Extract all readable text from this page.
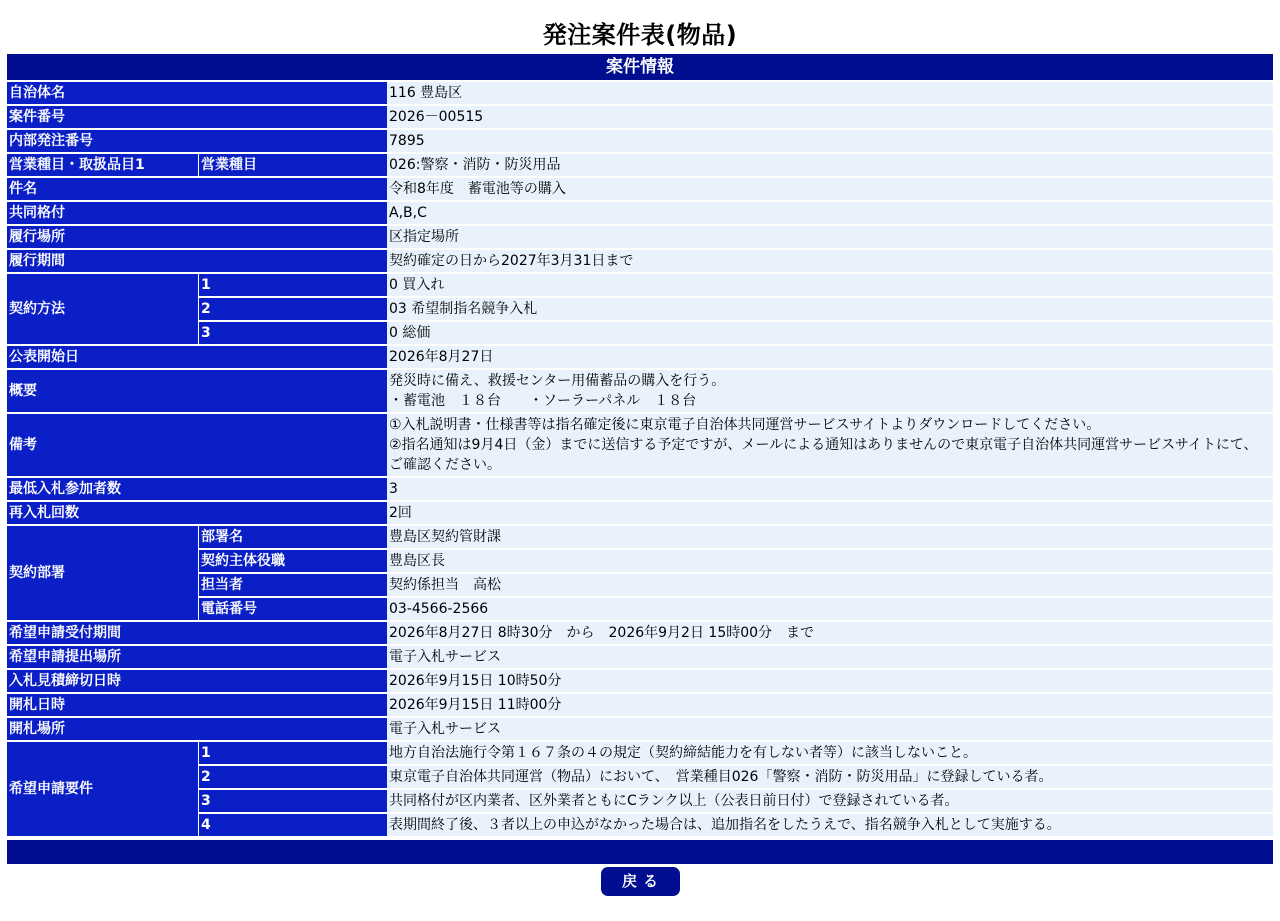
発注案件表(物品)
案件情報
自治体名		116 豊島区
案件番号		2026－00515
内部発注番号		7895
営業種目・取扱品目1	営業種目	026:警察・消防・防災用品
件名		令和8年度　蓄電池等の購入
共同格付		A,B,C
履行場所		区指定場所
履行期間		契約確定の日から2027年3月31日まで
契約方法	1	0 買入れ
	2	03 希望制指名競争入札
	3	0 総価
公表開始日		2026年8月27日
概要		発災時に備え、救援センター用備蓄品の購入を行う。
・蓄電池　１８台　　・ソーラーパネル　１８台

備考		①入札説明書・仕様書等は指名確定後に東京電子自治体共同運営サービスサイトよりダウンロードしてください。
②指名通知は9月4日（金）までに送信する予定ですが、メールによる通知はありませんので東京電子自治体共同運営サービスサイトにて、ご確認ください。

最低入札参加者数		3
再入札回数		2回
契約部署	部署名	豊島区契約管財課
	契約主体役職	豊島区長
	担当者	契約係担当　高松
	電話番号	03-4566-2566
希望申請受付期間		2026年8月27日 8時30分　から　2026年9月2日 15時00分　まで
希望申請提出場所		電子入札サービス
入札見積締切日時		2026年9月15日 10時50分
開札日時		2026年9月15日 11時00分
開札場所		電子入札サービス
希望申請要件	1	地方自治法施行令第１６７条の４の規定（契約締結能力を有しない者等）に該当しないこと。
	2	東京電子自治体共同運営（物品）において、　営業種目026「警察・消防・防災用品」に登録している者。
	3	共同格付が区内業者、区外業者ともにCランク以上（公表日前日付）で登録されている者。
	4	表期間終了後、３者以上の申込がなかった場合は、追加指名をしたうえで、指名競争入札として実施する。
戻る
